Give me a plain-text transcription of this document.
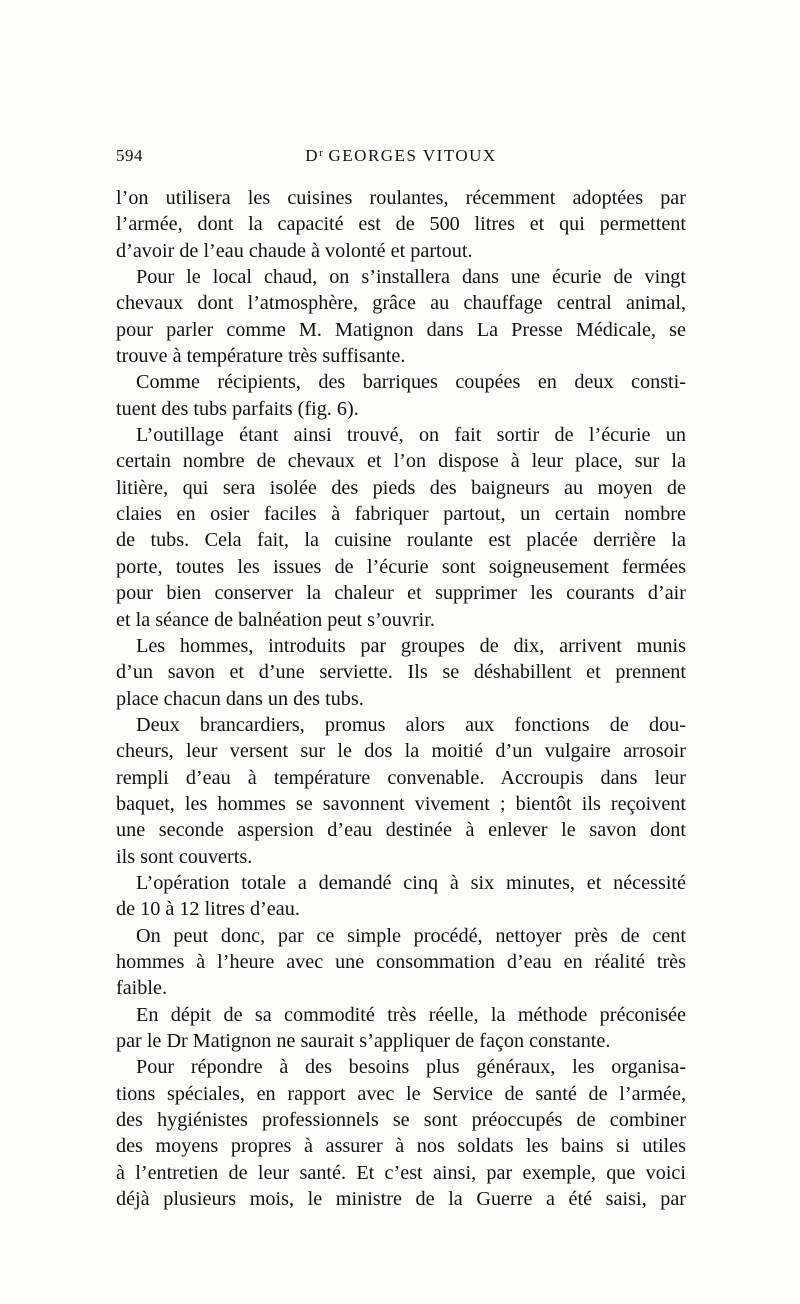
594	$D^r$ GEORGES VITOUX
l’on utilisera les cuisines roulantes, récemment adoptées par
l’armée, dont la capacité est de 500 litres et qui permettent
d’avoir de l’eau chaude à volonté et partout.
Pour le local chaud, on s’installera dans une écurie de vingt
chevaux dont l’atmosphère, grâce au chauffage central animal,
pour parler comme M. Matignon dans La Presse Médicale, se
trouve à température très suffisante.
Comme récipients, des barriques coupées en deux consti-
tuent des tubs parfaits (fig. 6).
L’outillage étant ainsi trouvé, on fait sortir de l’écurie un
certain nombre de chevaux et l’on dispose à leur place, sur la
litière, qui sera isolée des pieds des baigneurs au moyen de
claies en osier faciles à fabriquer partout, un certain nombre
de tubs. Cela fait, la cuisine roulante est placée derrière la
porte, toutes les issues de l’écurie sont soigneusement fermées
pour bien conserver la chaleur et supprimer les courants d’air
et la séance de balnéation peut s’ouvrir.
Les hommes, introduits par groupes de dix, arrivent munis
d’un savon et d’une serviette. Ils se déshabillent et prennent
place chacun dans un des tubs.
Deux brancardiers, promus alors aux fonctions de dou-
cheurs, leur versent sur le dos la moitié d’un vulgaire arrosoir
rempli d’eau à température convenable. Accroupis dans leur
baquet, les hommes se savonnent vivement ; bientôt ils reçoivent
une seconde aspersion d’eau destinée à enlever le savon dont
ils sont couverts.
L’opération totale a demandé cinq à six minutes, et nécessité
de 10 à 12 litres d’eau.
On peut donc, par ce simple procédé, nettoyer près de cent
hommes à l’heure avec une consommation d’eau en réalité très
faible.
En dépit de sa commodité très réelle, la méthode préconisée
par le Dr Matignon ne saurait s’appliquer de façon constante.
Pour répondre à des besoins plus généraux, les organisa-
tions spéciales, en rapport avec le Service de santé de l’armée,
des hygiénistes professionnels se sont préoccupés de combiner
des moyens propres à assurer à nos soldats les bains si utiles
à l’entretien de leur santé. Et c’est ainsi, par exemple, que voici
déjà plusieurs mois, le ministre de la Guerre a été saisi, par
